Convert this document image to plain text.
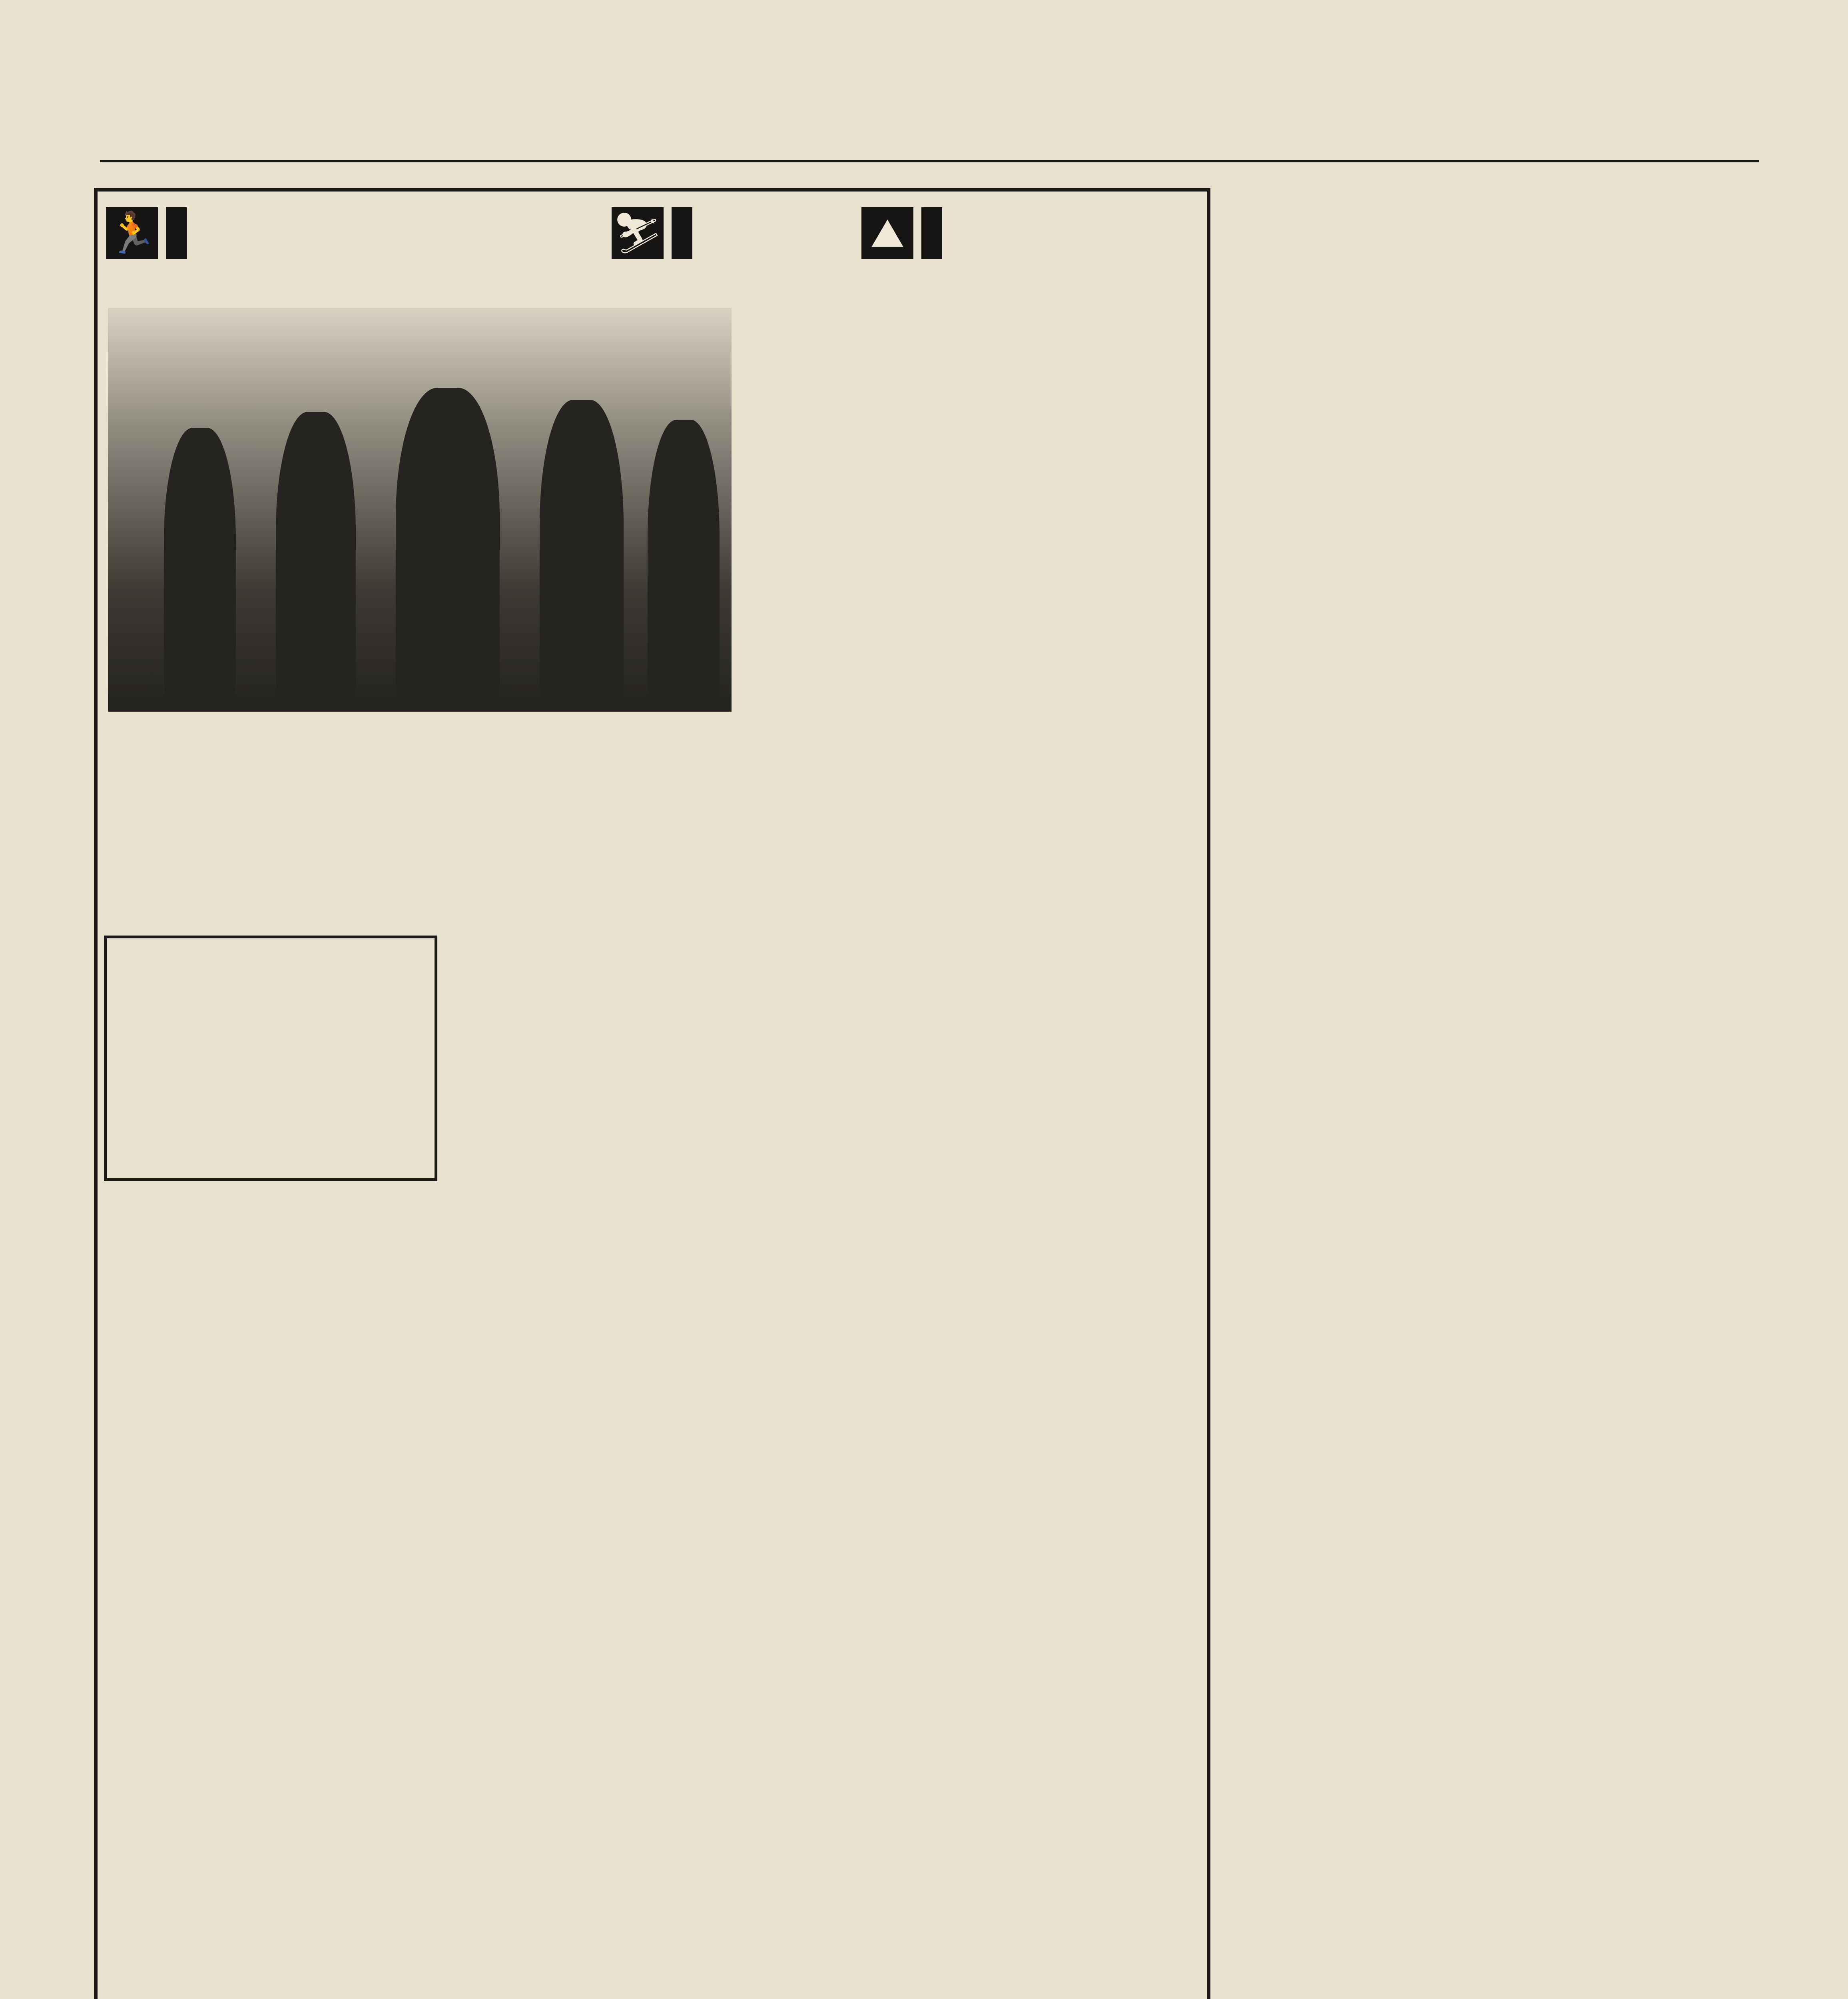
🏃	⛷	⛰
